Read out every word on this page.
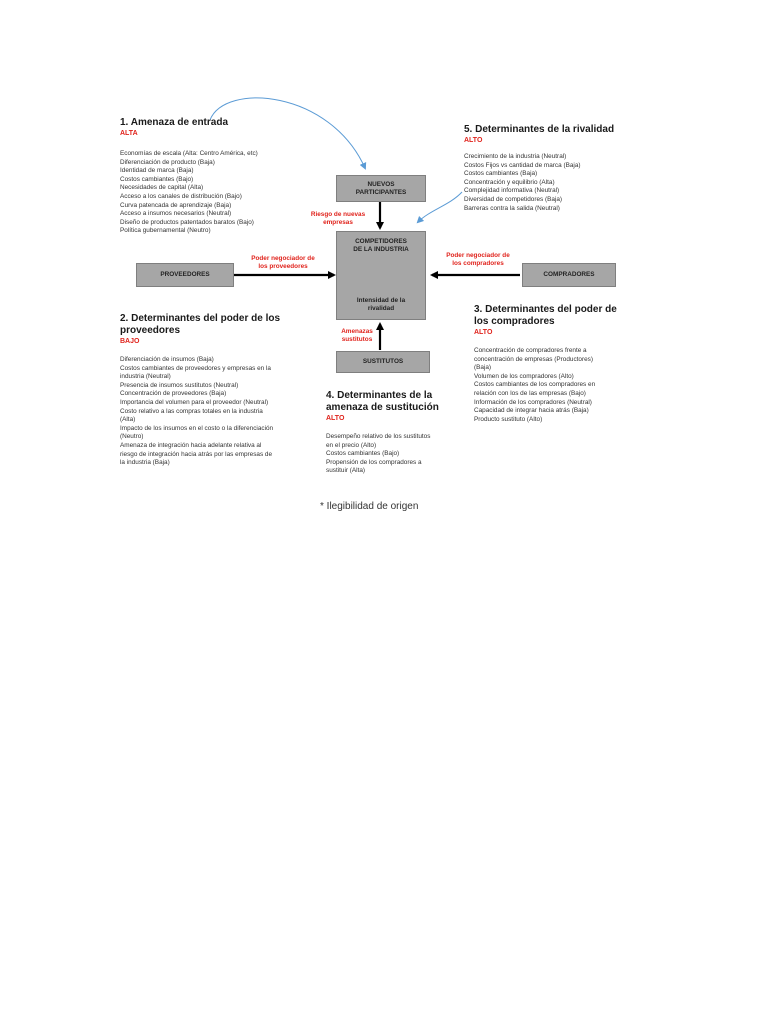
1. Amenaza de entrada
ALTA
Economías de escala (Alta: Centro América, etc)
Diferenciación de producto (Baja)
Identidad de marca (Baja)
Costos cambiantes (Bajo)
Necesidades de capital (Alta)
Acceso a los canales de distribución (Bajo)
Curva patencada de aprendizaje (Baja)
Acceso a insumos necesarios (Neutral)
Diseño de productos patentados baratos (Bajo)
Política gubernamental (Neutro)
5. Determinantes de la rivalidad
ALTO
Crecimiento de la industria (Neutral)
Costos Fijos vs cantidad de marca (Baja)
Costos cambiantes (Baja)
Concentración y equilibrio (Alta)
Complejidad informativa (Neutral)
Diversidad de competidores (Baja)
Barreras contra la salida (Neutral)
NUEVOS
PARTICIPANTES
Riesgo de nuevas
empresas
COMPETIDORES
DE LA INDUSTRIA
Intensidad de la
rivalidad
PROVEEDORES
Poder negociador de
los proveedores
COMPRADORES
Poder negociador de
los compradores
Amenazas
sustitutos
SUSTITUTOS
2. Determinantes del poder de los
proveedores
BAJO
Diferenciación de insumos (Baja)
Costos cambiantes de proveedores y empresas en la
industria (Neutral)
Presencia de insumos sustitutos (Neutral)
Concentración de proveedores (Baja)
Importancia del volumen para el proveedor (Neutral)
Costo relativo a las compras totales en la industria
(Alta)
Impacto de los insumos en el costo o la diferenciación
(Neutro)
Amenaza de integración hacia adelante relativa al
riesgo de integración hacia atrás por las empresas de
la industria (Baja)
3. Determinantes del poder de
los compradores
ALTO
Concentración de compradores frente a
concentración de empresas (Productores)
(Baja)
Volumen de los compradores (Alto)
Costos cambiantes de los compradores en
relación con los de las empresas (Bajo)
Información de los compradores (Neutral)
Capacidad de integrar hacia atrás (Baja)
Producto sustituto (Alto)
4. Determinantes de la
amenaza de sustitución
ALTO
Desempeño relativo de los sustitutos
en el precio (Alto)
Costos cambiantes (Bajo)
Propensión de los compradores a
sustituir (Alta)
* Ilegibilidad de origen
